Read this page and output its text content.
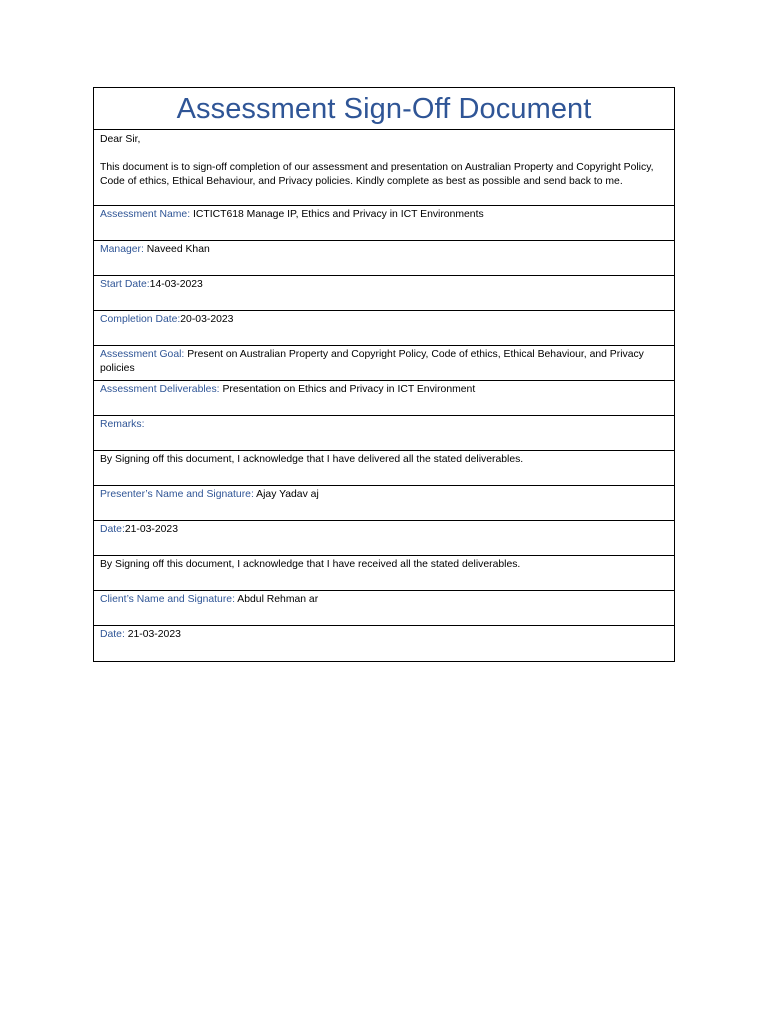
Assessment Sign-Off Document

Dear Sir,

This document is to sign-off completion of our assessment and presentation on Australian Property and Copyright Policy, Code of ethics, Ethical Behaviour, and Privacy policies. Kindly complete as best as possible and send back to me.

Assessment Name: ICTICT618 Manage IP, Ethics and Privacy in ICT Environments
Manager: Naveed Khan
Start Date:14-03-2023
Completion Date:20-03-2023
Assessment Goal: Present on Australian Property and Copyright Policy, Code of ethics, Ethical Behaviour, and Privacy policies
Assessment Deliverables: Presentation on Ethics and Privacy in ICT Environment
Remarks:
By Signing off this document, I acknowledge that I have delivered all the stated deliverables.
Presenter’s Name and Signature: Ajay Yadav aj
Date:21-03-2023
By Signing off this document, I acknowledge that I have received all the stated deliverables.
Client’s Name and Signature: Abdul Rehman ar
Date: 21-03-2023
